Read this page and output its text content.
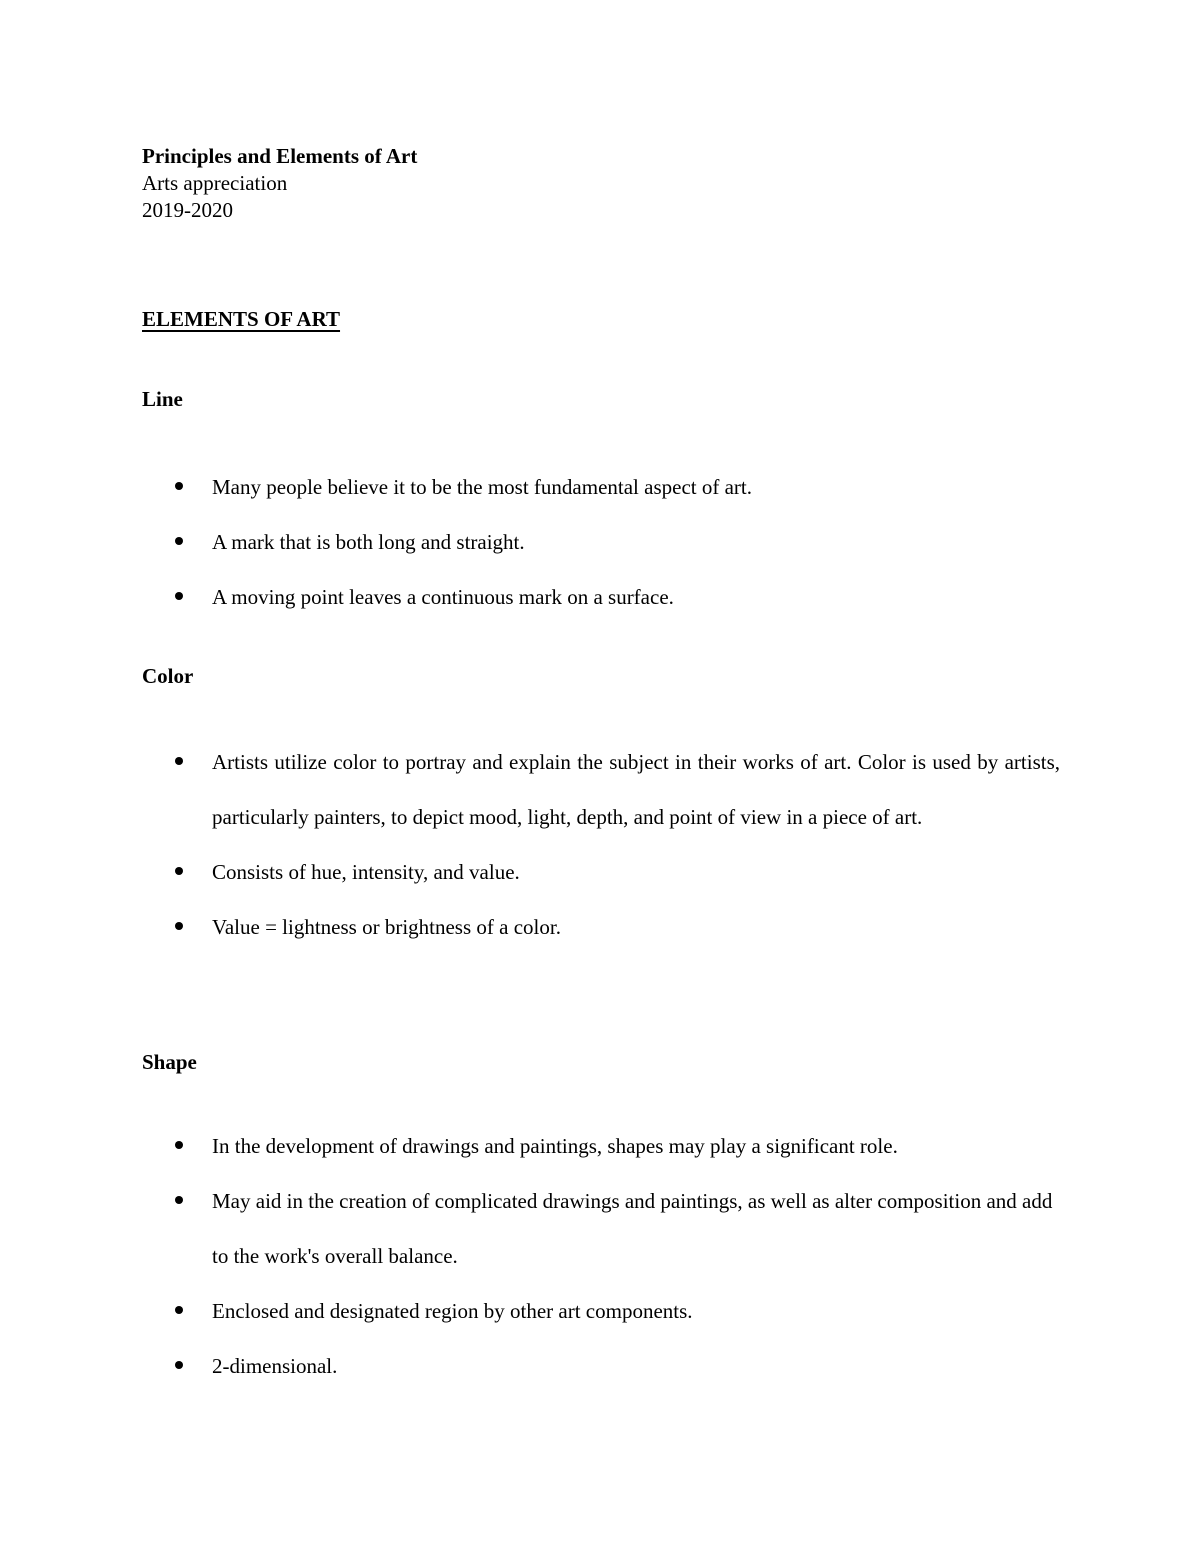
Principles and Elements of Art
Arts appreciation
2019-2020
ELEMENTS OF ART
Line
Many people believe it to be the most fundamental aspect of art.
A mark that is both long and straight.
A moving point leaves a continuous mark on a surface.
Color
Artists utilize color to portray and explain the subject in their works of art. Color is used by artists, particularly painters, to depict mood, light, depth, and point of view in a piece of art.
Consists of hue, intensity, and value.
Value = lightness or brightness of a color.
Shape
In the development of drawings and paintings, shapes may play a significant role.
May aid in the creation of complicated drawings and paintings, as well as alter composition and add to the work's overall balance.
Enclosed and designated region by other art components.
2-dimensional.
